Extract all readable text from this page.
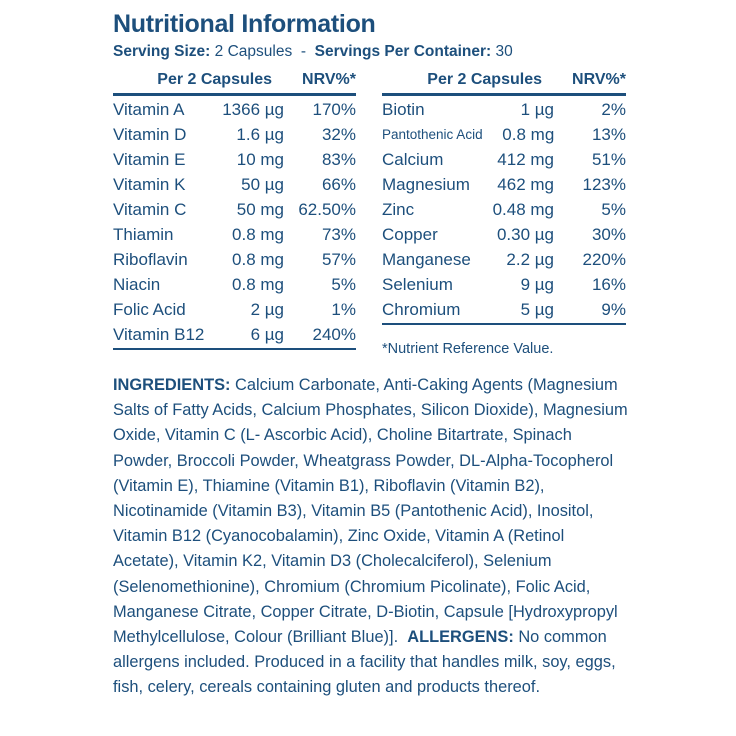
Nutritional Information
Serving Size: 2 Capsules - Servings Per Container: 30
Per 2 Capsules	NRV%*
Vitamin A	1366 µg	170%
Vitamin D	1.6 µg	32%
Vitamin E	10 mg	83%
Vitamin K	50 µg	66%
Vitamin C	50 mg 62.50%
Thiamin	0.8 mg	73%
Riboflavin	0.8 mg	57%
Niacin	0.8 mg	5%
Folic Acid	2 µg	1%
Vitamin B12	6 µg	240%
Per 2 Capsules	NRV%*
Biotin	1 µg	2%
Pantothenic Acid	0.8 mg	13%
Calcium	412 mg	51%
Magnesium	462 mg	123%
Zinc	0.48 mg	5%
Copper	0.30 µg	30%
Manganese	2.2 µg	220%
Selenium	9 µg	16%
Chromium	5 µg	9%
*Nutrient Reference Value.
INGREDIENTS: Calcium Carbonate, Anti-Caking Agents (Magnesium Salts of Fatty Acids, Calcium Phosphates, Silicon Dioxide), Magnesium Oxide, Vitamin C (L- Ascorbic Acid), Choline Bitartrate, Spinach Powder, Broccoli Powder, Wheatgrass Powder, DL-Alpha-Tocopherol (Vitamin E), Thiamine (Vitamin B1), Riboflavin (Vitamin B2), Nicotinamide (Vitamin B3), Vitamin B5 (Pantothenic Acid), Inositol, Vitamin B12 (Cyanocobalamin), Zinc Oxide, Vitamin A (Retinol Acetate), Vitamin K2, Vitamin D3 (Cholecalciferol), Selenium (Selenomethionine), Chromium (Chromium Picolinate), Folic Acid, Manganese Citrate, Copper Citrate, D-Biotin, Capsule [Hydroxypropyl Methylcellulose, Colour (Brilliant Blue)]. ALLERGENS: No common allergens included. Produced in a facility that handles milk, soy, eggs, fish, celery, cereals containing gluten and products thereof.
